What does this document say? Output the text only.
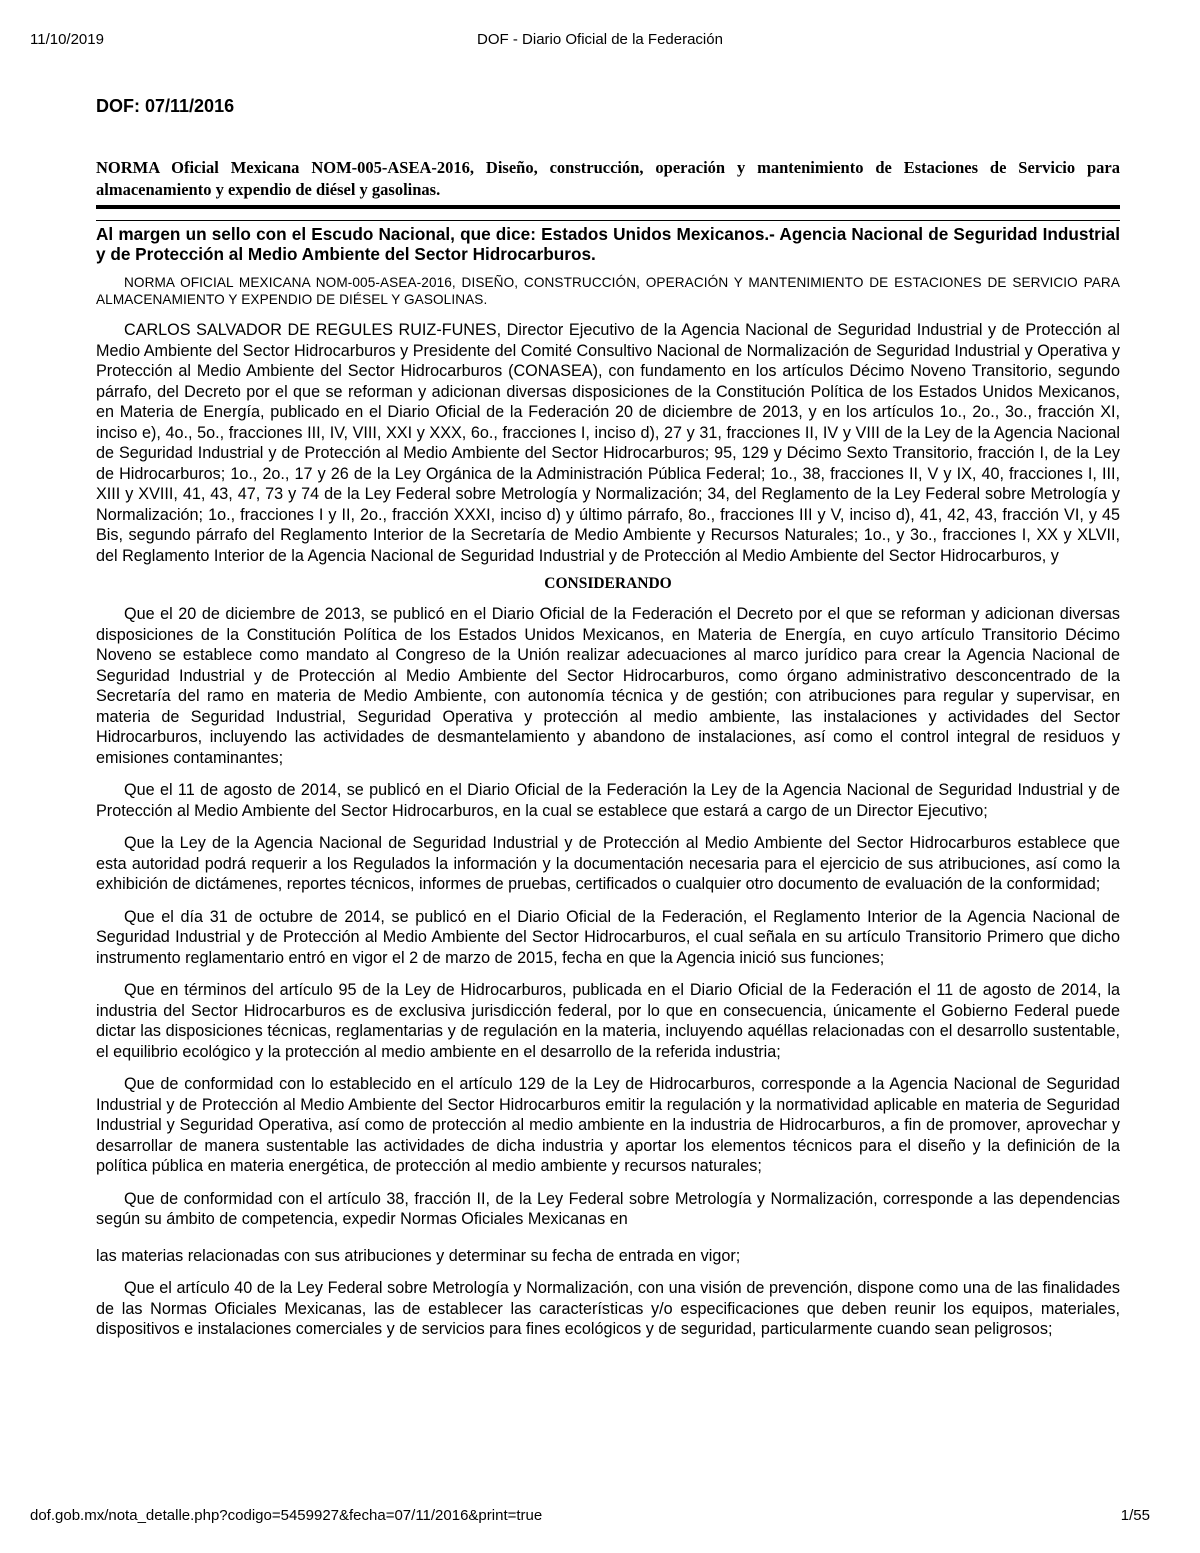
11/10/2019	DOF - Diario Oficial de la Federación
DOF: 07/11/2016
NORMA Oficial Mexicana NOM-005-ASEA-2016, Diseño, construcción, operación y mantenimiento de Estaciones de Servicio para almacenamiento y expendio de diésel y gasolinas.
Al margen un sello con el Escudo Nacional, que dice: Estados Unidos Mexicanos.- Agencia Nacional de Seguridad Industrial y de Protección al Medio Ambiente del Sector Hidrocarburos.
NORMA OFICIAL MEXICANA NOM-005-ASEA-2016, DISEÑO, CONSTRUCCIÓN, OPERACIÓN Y MANTENIMIENTO DE ESTACIONES DE SERVICIO PARA ALMACENAMIENTO Y EXPENDIO DE DIÉSEL Y GASOLINAS.

CARLOS SALVADOR DE REGULES RUIZ-FUNES, Director Ejecutivo de la Agencia Nacional de Seguridad Industrial y de Protección al Medio Ambiente del Sector Hidrocarburos y Presidente del Comité Consultivo Nacional de Normalización de Seguridad Industrial y Operativa y Protección al Medio Ambiente del Sector Hidrocarburos (CONASEA), con fundamento en los artículos Décimo Noveno Transitorio, segundo párrafo, del Decreto por el que se reforman y adicionan diversas disposiciones de la Constitución Política de los Estados Unidos Mexicanos, en Materia de Energía, publicado en el Diario Oficial de la Federación 20 de diciembre de 2013, y en los artículos 1o., 2o., 3o., fracción XI, inciso e), 4o., 5o., fracciones III, IV, VIII, XXI y XXX, 6o., fracciones I, inciso d), 27 y 31, fracciones II, IV y VIII de la Ley de la Agencia Nacional de Seguridad Industrial y de Protección al Medio Ambiente del Sector Hidrocarburos; 95, 129 y Décimo Sexto Transitorio, fracción I, de la Ley de Hidrocarburos; 1o., 2o., 17 y 26 de la Ley Orgánica de la Administración Pública Federal; 1o., 38, fracciones II, V y IX, 40, fracciones I, III, XIII y XVIII, 41, 43, 47, 73 y 74 de la Ley Federal sobre Metrología y Normalización; 34, del Reglamento de la Ley Federal sobre Metrología y Normalización; 1o., fracciones I y II, 2o., fracción XXXI, inciso d) y último párrafo, 8o., fracciones III y V, inciso d), 41, 42, 43, fracción VI, y 45 Bis, segundo párrafo del Reglamento Interior de la Secretaría de Medio Ambiente y Recursos Naturales; 1o., y 3o., fracciones I, XX y XLVII, del Reglamento Interior de la Agencia Nacional de Seguridad Industrial y de Protección al Medio Ambiente del Sector Hidrocarburos, y

CONSIDERANDO

Que el 20 de diciembre de 2013, se publicó en el Diario Oficial de la Federación el Decreto por el que se reforman y adicionan diversas disposiciones de la Constitución Política de los Estados Unidos Mexicanos, en Materia de Energía, en cuyo artículo Transitorio Décimo Noveno se establece como mandato al Congreso de la Unión realizar adecuaciones al marco jurídico para crear la Agencia Nacional de Seguridad Industrial y de Protección al Medio Ambiente del Sector Hidrocarburos, como órgano administrativo desconcentrado de la Secretaría del ramo en materia de Medio Ambiente, con autonomía técnica y de gestión; con atribuciones para regular y supervisar, en materia de Seguridad Industrial, Seguridad Operativa y protección al medio ambiente, las instalaciones y actividades del Sector Hidrocarburos, incluyendo las actividades de desmantelamiento y abandono de instalaciones, así como el control integral de residuos y emisiones contaminantes;

Que el 11 de agosto de 2014, se publicó en el Diario Oficial de la Federación la Ley de la Agencia Nacional de Seguridad Industrial y de Protección al Medio Ambiente del Sector Hidrocarburos, en la cual se establece que estará a cargo de un Director Ejecutivo;

Que la Ley de la Agencia Nacional de Seguridad Industrial y de Protección al Medio Ambiente del Sector Hidrocarburos establece que esta autoridad podrá requerir a los Regulados la información y la documentación necesaria para el ejercicio de sus atribuciones, así como la exhibición de dictámenes, reportes técnicos, informes de pruebas, certificados o cualquier otro documento de evaluación de la conformidad;

Que el día 31 de octubre de 2014, se publicó en el Diario Oficial de la Federación, el Reglamento Interior de la Agencia Nacional de Seguridad Industrial y de Protección al Medio Ambiente del Sector Hidrocarburos, el cual señala en su artículo Transitorio Primero que dicho instrumento reglamentario entró en vigor el 2 de marzo de 2015, fecha en que la Agencia inició sus funciones;

Que en términos del artículo 95 de la Ley de Hidrocarburos, publicada en el Diario Oficial de la Federación el 11 de agosto de 2014, la industria del Sector Hidrocarburos es de exclusiva jurisdicción federal, por lo que en consecuencia, únicamente el Gobierno Federal puede dictar las disposiciones técnicas, reglamentarias y de regulación en la materia, incluyendo aquéllas relacionadas con el desarrollo sustentable, el equilibrio ecológico y la protección al medio ambiente en el desarrollo de la referida industria;

Que de conformidad con lo establecido en el artículo 129 de la Ley de Hidrocarburos, corresponde a la Agencia Nacional de Seguridad Industrial y de Protección al Medio Ambiente del Sector Hidrocarburos emitir la regulación y la normatividad aplicable en materia de Seguridad Industrial y Seguridad Operativa, así como de protección al medio ambiente en la industria de Hidrocarburos, a fin de promover, aprovechar y desarrollar de manera sustentable las actividades de dicha industria y aportar los elementos técnicos para el diseño y la definición de la política pública en materia energética, de protección al medio ambiente y recursos naturales;

Que de conformidad con el artículo 38, fracción II, de la Ley Federal sobre Metrología y Normalización, corresponde a las dependencias según su ámbito de competencia, expedir Normas Oficiales Mexicanas en

las materias relacionadas con sus atribuciones y determinar su fecha de entrada en vigor;

Que el artículo 40 de la Ley Federal sobre Metrología y Normalización, con una visión de prevención, dispone como una de las finalidades de las Normas Oficiales Mexicanas, las de establecer las características y/o especificaciones que deben reunir los equipos, materiales, dispositivos e instalaciones comerciales y de servicios para fines ecológicos y de seguridad, particularmente cuando sean peligrosos;

dof.gob.mx/nota_detalle.php?codigo=5459927&fecha=07/11/2016&print=true	1/55
